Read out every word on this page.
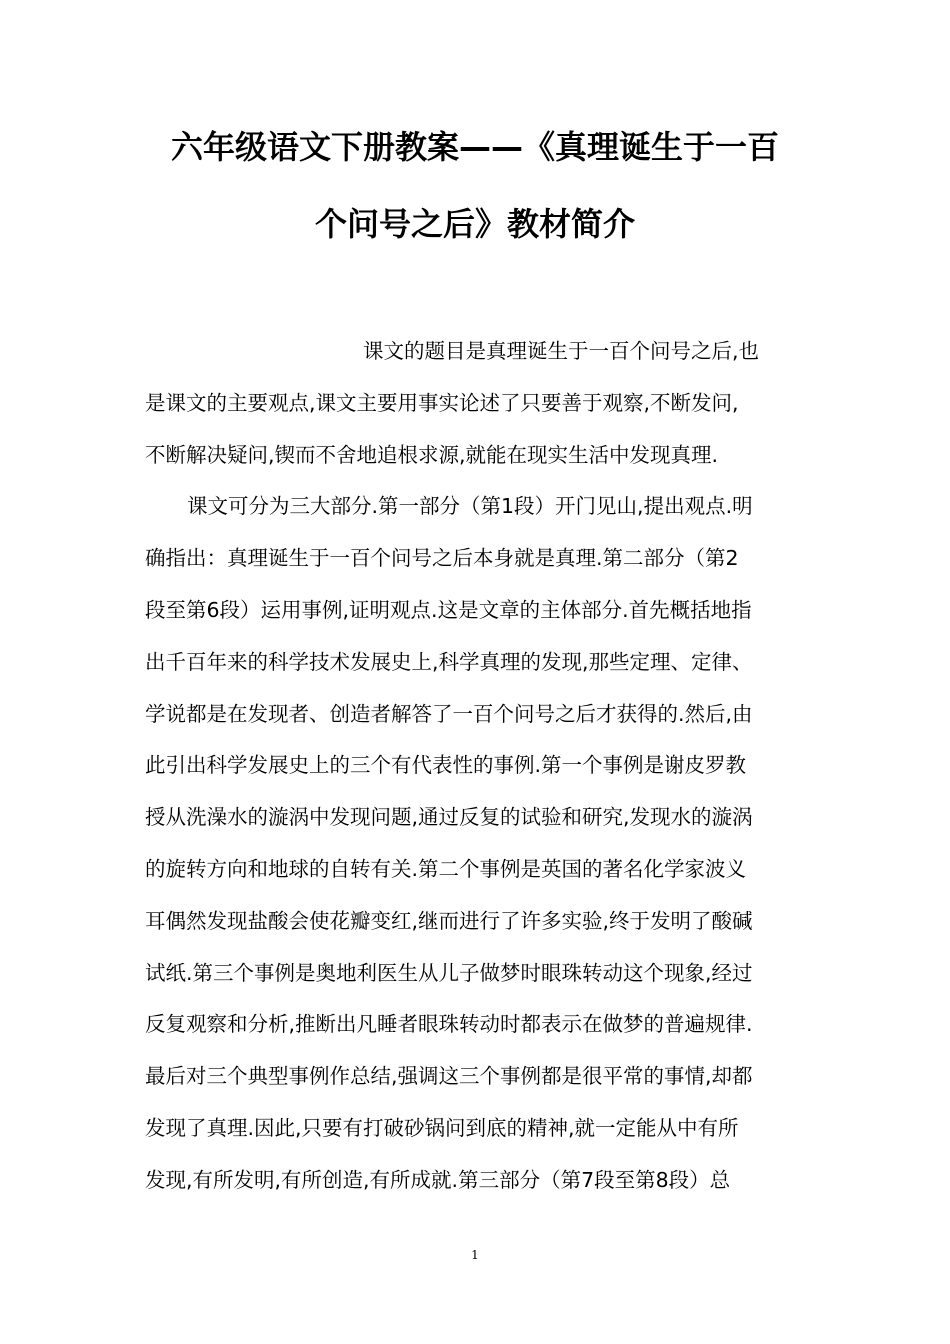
六年级语文下册教案——《真理诞生于一百
个问号之后》教材简介
课文的题目是真理诞生于一百个问号之后,也
是课文的主要观点,课文主要用事实论述了只要善于观察,不断发问,
不断解决疑问,锲而不舍地追根求源,就能在现实生活中发现真理.
课文可分为三大部分.第一部分（第1段）开门见山,提出观点.明
确指出：真理诞生于一百个问号之后本身就是真理.第二部分（第2
段至第6段）运用事例,证明观点.这是文章的主体部分.首先概括地指
出千百年来的科学技术发展史上,科学真理的发现,那些定理、定律、
学说都是在发现者、创造者解答了一百个问号之后才获得的.然后,由
此引出科学发展史上的三个有代表性的事例.第一个事例是谢皮罗教
授从洗澡水的漩涡中发现问题,通过反复的试验和研究,发现水的漩涡
的旋转方向和地球的自转有关.第二个事例是英国的著名化学家波义
耳偶然发现盐酸会使花瓣变红,继而进行了许多实验,终于发明了酸碱
试纸.第三个事例是奥地利医生从儿子做梦时眼珠转动这个现象,经过
反复观察和分析,推断出凡睡者眼珠转动时都表示在做梦的普遍规律.
最后对三个典型事例作总结,强调这三个事例都是很平常的事情,却都
发现了真理.因此,只要有打破砂锅问到底的精神,就一定能从中有所
发现,有所发明,有所创造,有所成就.第三部分（第7段至第8段）总
1
